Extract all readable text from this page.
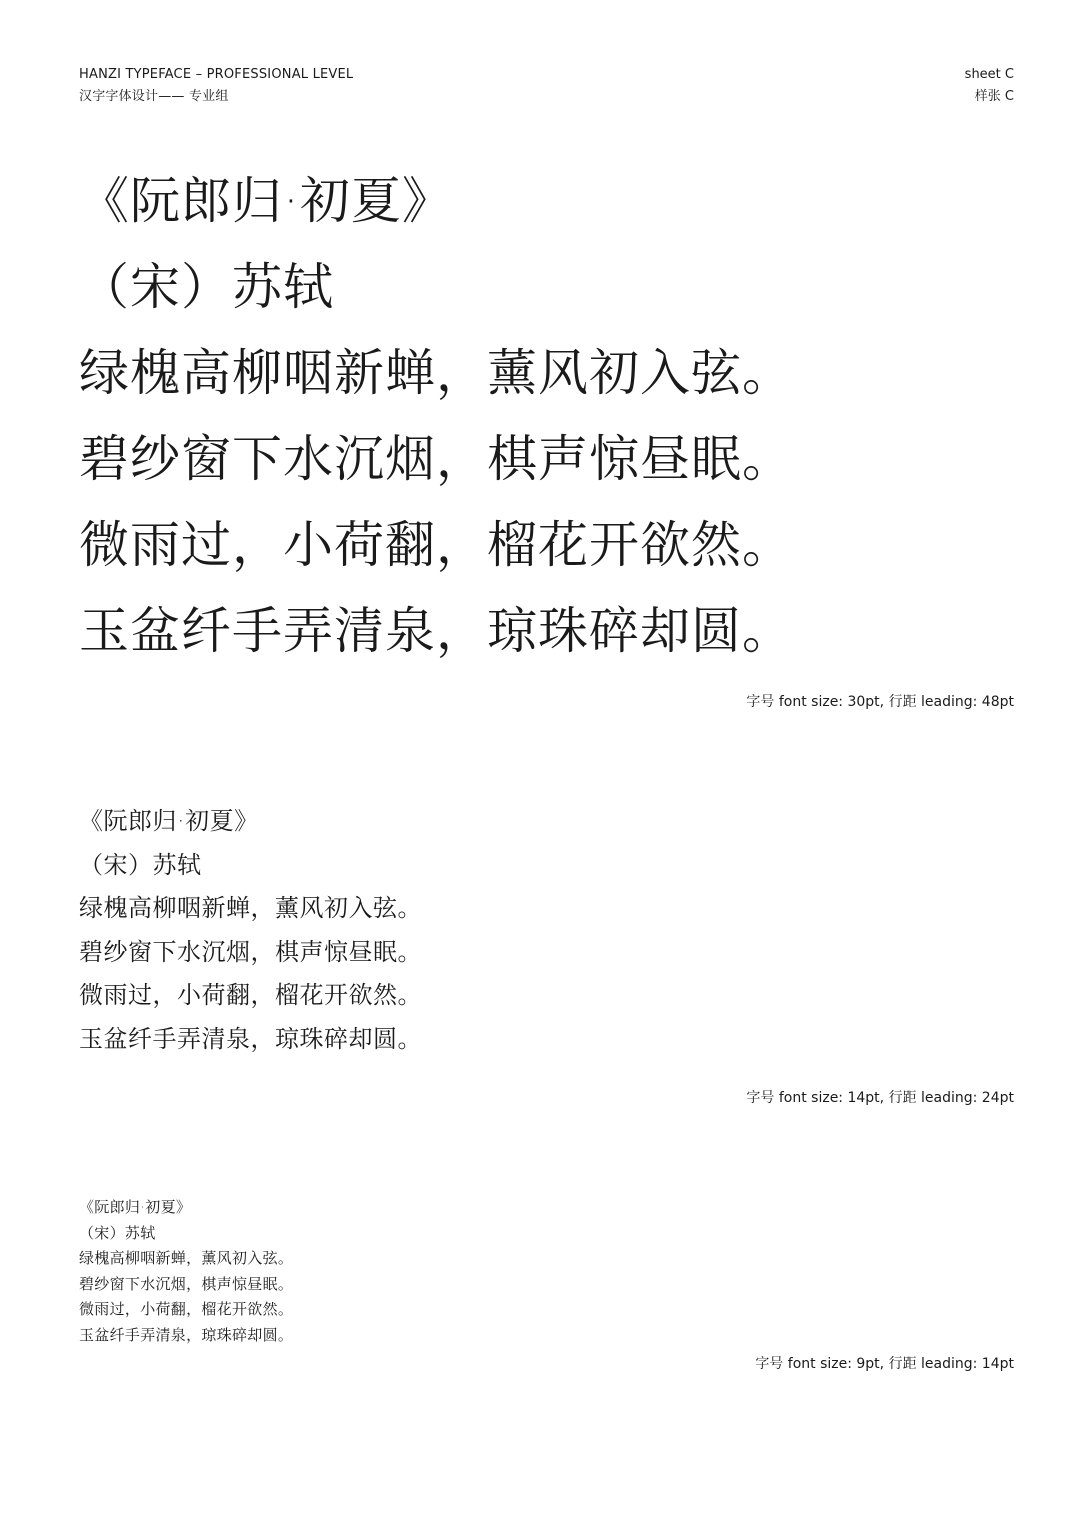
HANZI TYPEFACE – PROFESSIONAL LEVEL
汉字字体设计—— 专业组
sheet C
样张 C
《阮郎归·初夏》
（宋）苏轼
绿槐高柳咽新蝉，薰风初入弦。
碧纱窗下水沉烟，棋声惊昼眠。
微雨过，小荷翻，榴花开欲然。
玉盆纤手弄清泉，琼珠碎却圆。
字号 font size: 30pt, 行距 leading: 48pt
《阮郎归·初夏》
（宋）苏轼
绿槐高柳咽新蝉，薰风初入弦。
碧纱窗下水沉烟，棋声惊昼眠。
微雨过，小荷翻，榴花开欲然。
玉盆纤手弄清泉，琼珠碎却圆。
字号 font size: 14pt, 行距 leading: 24pt
《阮郎归·初夏》
（宋）苏轼
绿槐高柳咽新蝉，薰风初入弦。
碧纱窗下水沉烟，棋声惊昼眠。
微雨过，小荷翻，榴花开欲然。
玉盆纤手弄清泉，琼珠碎却圆。
字号 font size: 9pt, 行距 leading: 14pt
